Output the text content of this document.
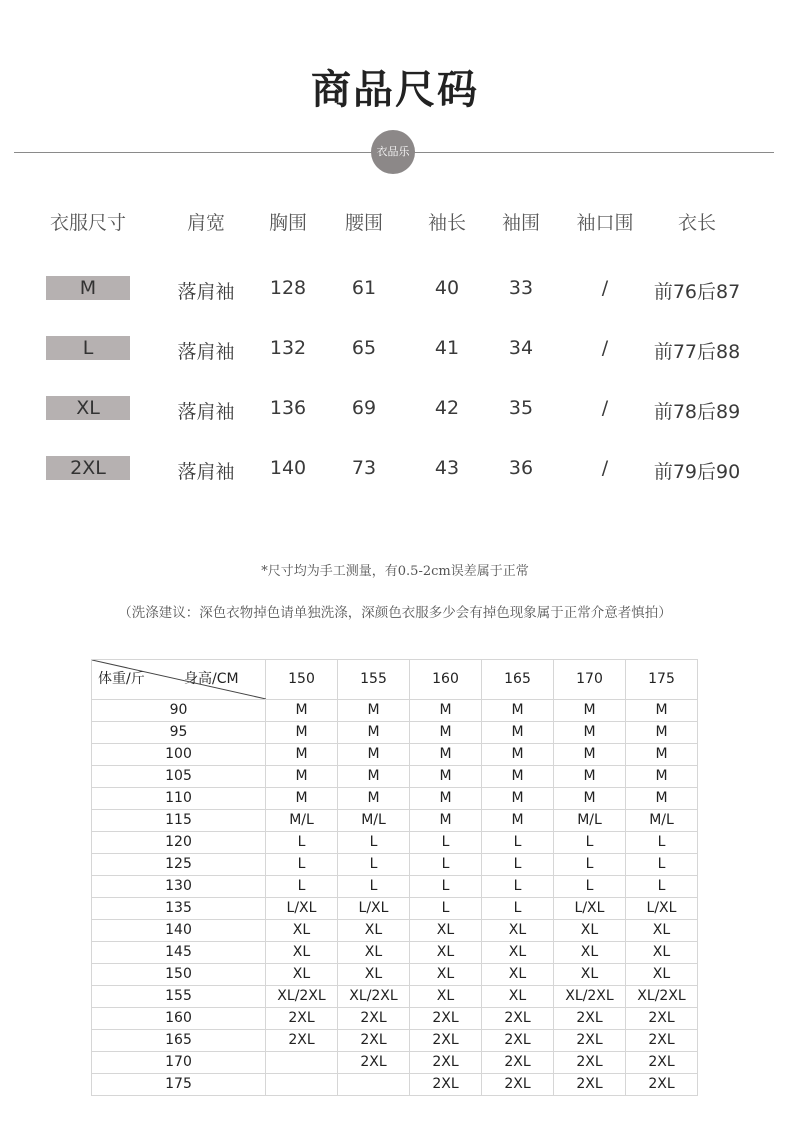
商品尺码
衣品乐
衣服尺寸	肩宽	胸围	腰围	袖长	袖围	袖口围	衣长
M	落肩袖	128	61	40	33	/	前76后87
L	落肩袖	132	65	41	34	/	前77后88
XL	落肩袖	136	69	42	35	/	前78后89
2XL	落肩袖	140	73	43	36	/	前79后90
*尺寸均为手工测量，有0.5-2cm误差属于正常
（洗涤建议：深色衣物掉色请单独洗涤，深颜色衣服多少会有掉色现象属于正常介意者慎拍）
体重/斤 身高/CM	150	155	160	165	170	175
90	M	M	M	M	M	M
95	M	M	M	M	M	M
100	M	M	M	M	M	M
105	M	M	M	M	M	M
110	M	M	M	M	M	M
115	M/L	M/L	M	M	M/L	M/L
120	L	L	L	L	L	L
125	L	L	L	L	L	L
130	L	L	L	L	L	L
135	L/XL	L/XL	L	L	L/XL	L/XL
140	XL	XL	XL	XL	XL	XL
145	XL	XL	XL	XL	XL	XL
150	XL	XL	XL	XL	XL	XL
155	XL/2XL	XL/2XL	XL	XL	XL/2XL	XL/2XL
160	2XL	2XL	2XL	2XL	2XL	2XL
165	2XL	2XL	2XL	2XL	2XL	2XL
170		2XL	2XL	2XL	2XL	2XL
175			2XL	2XL	2XL	2XL
